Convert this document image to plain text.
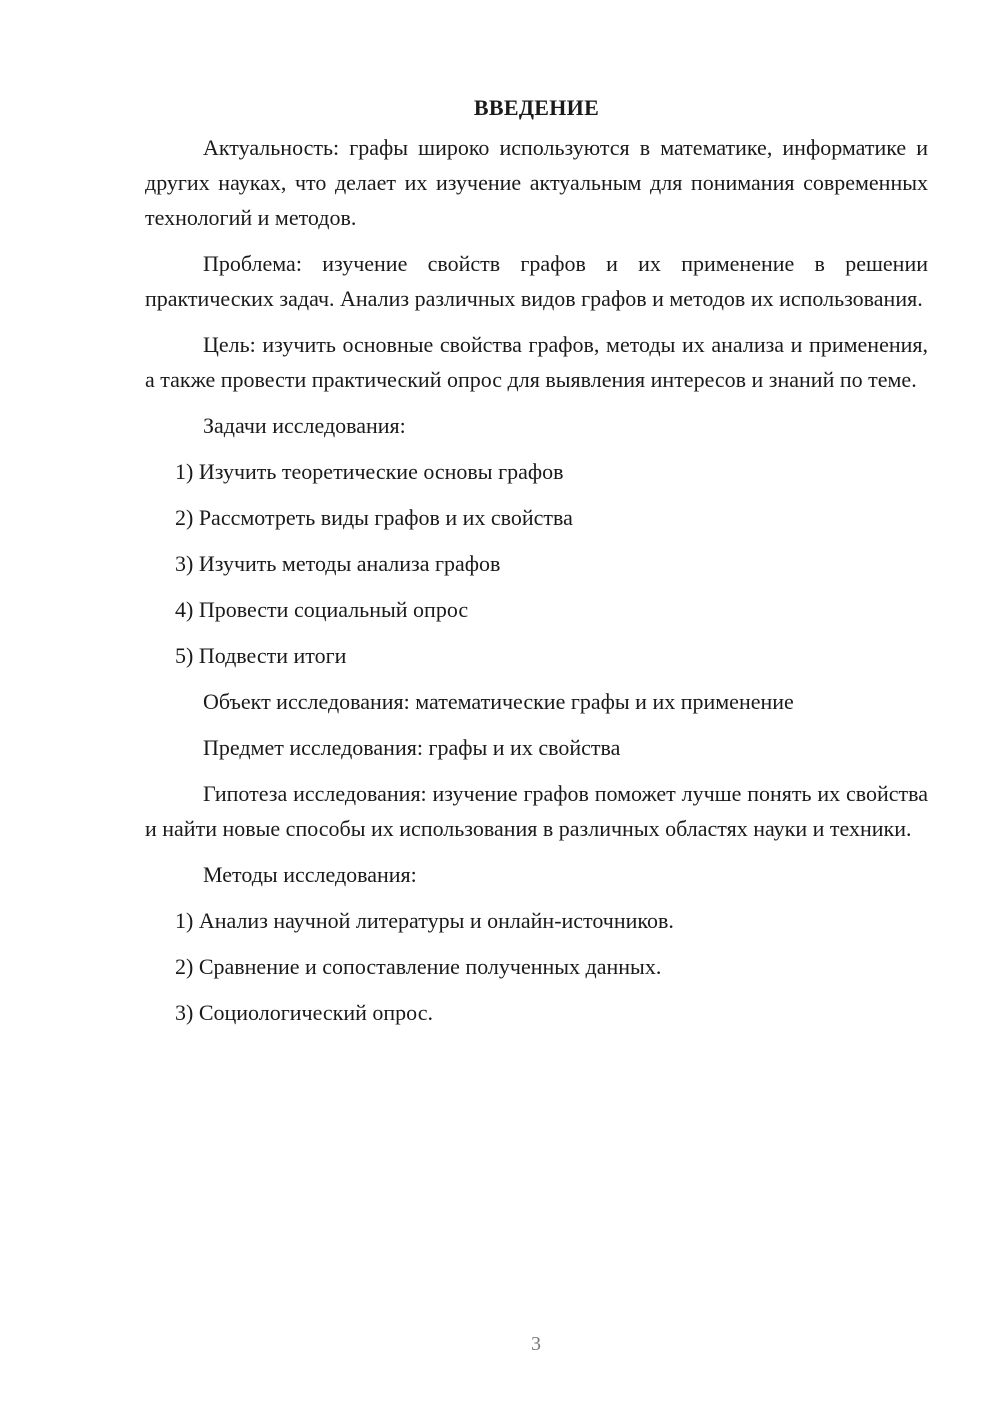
ВВЕДЕНИЕ

Актуальность: графы широко используются в математике, информатике и других науках, что делает их изучение актуальным для понимания современных технологий и методов.

Проблема: изучение свойств графов и их применение в решении практических задач. Анализ различных видов графов и методов их использования.

Цель: изучить основные свойства графов, методы их анализа и применения, а также провести практический опрос для выявления интересов и знаний по теме.

Задачи исследования:

1) Изучить теоретические основы графов
2) Рассмотреть виды графов и их свойства
3) Изучить методы анализа графов
4) Провести социальный опрос
5) Подвести итоги

Объект исследования: математические графы и их применение

Предмет исследования: графы и их свойства

Гипотеза исследования: изучение графов поможет лучше понять их свойства и найти новые способы их использования в различных областях науки и техники.

Методы исследования:

1) Анализ научной литературы и онлайн-источников.
2) Сравнение и сопоставление полученных данных.
3) Социологический опрос.
3
